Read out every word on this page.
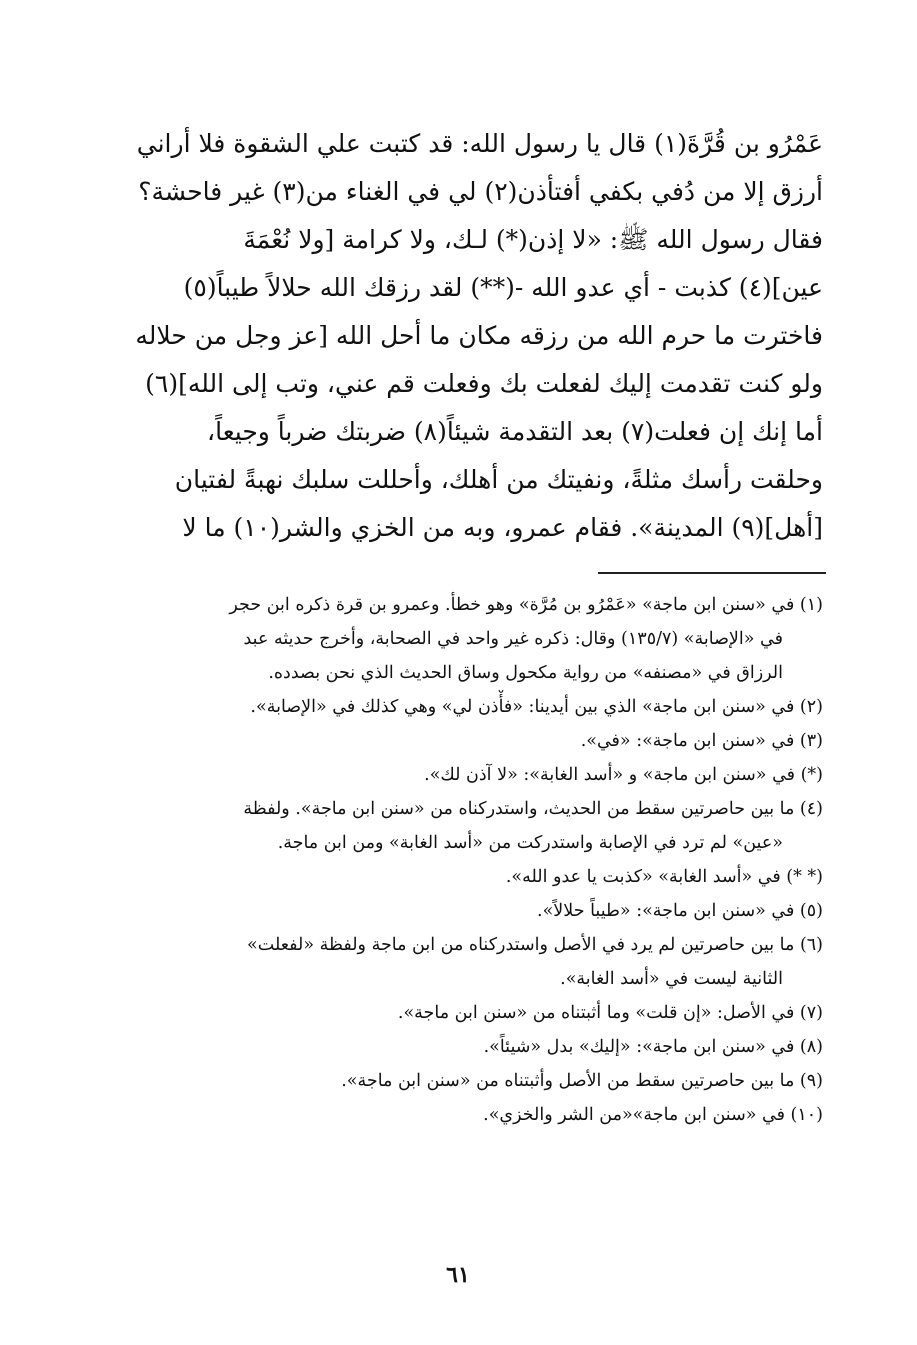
عَمْرُو بن قُرَّةَ(١) قال يا رسول الله: قد كتبت علي الشقوة فلا أراني
أرزق إلا من دُفي بكفي أفتأذن(٢) لي في الغناء من(٣) غير فاحشة؟
فقال رسول الله ﷺ: «لا إذن(*) لـك، ولا كرامة [ولا نُعْمَةَ
عين](٤) كذبت - أي عدو الله -(**) لقد رزقك الله حلالاً طيباً(٥)
فاخترت ما حرم الله من رزقه مكان ما أحل الله [عز وجل من حلاله
ولو كنت تقدمت إليك لفعلت بك وفعلت قم عني، وتب إلى الله](٦)
أما إنك إن فعلت(٧) بعد التقدمة شيئاً(٨) ضربتك ضرباً وجيعاً،
وحلقت رأسك مثلةً، ونفيتك من أهلك، وأحللت سلبك نهبةً لفتيان
[أهل](٩) المدينة». فقام عمرو، وبه من الخزي والشر(١٠) ما لا
(١) في «سنن ابن ماجة» «عَمْرُو بن مُرَّة» وهو خطأ. وعمرو بن قرة ذكره ابن حجر
في «الإصابة» (١٣٥/٧) وقال: ذكره غير واحد في الصحابة، وأخرج حديثه عبد
الرزاق في «مصنفه» من رواية مكحول وساق الحديث الذي نحن بصدده.
(٢) في «سنن ابن ماجة» الذي بين أيدينا: «فأْذن لي» وهي كذلك في «الإصابة».
(٣) في «سنن ابن ماجة»: «في».
(*) في «سنن ابن ماجة» و «أسد الغابة»: «لا آذن لك».
(٤) ما بين حاصرتين سقط من الحديث، واستدركناه من «سنن ابن ماجة». ولفظة
«عين» لم ترد في الإصابة واستدركت من «أسد الغابة» ومن ابن ماجة.
(* *) في «أسد الغابة» «كذبت يا عدو الله».
(٥) في «سنن ابن ماجة»: «طيباً حلالاً».
(٦) ما بين حاصرتين لم يرد في الأصل واستدركناه من ابن ماجة ولفظة «لفعلت»
الثانية ليست في «أسد الغابة».
(٧) في الأصل: «إن قلت» وما أثبتناه من «سنن ابن ماجة».
(٨) في «سنن ابن ماجة»: «إليك» بدل «شيئاً».
(٩) ما بين حاصرتين سقط من الأصل وأثبتناه من «سنن ابن ماجة».
(١٠) في «سنن ابن ماجة»«من الشر والخزي».
٦١
